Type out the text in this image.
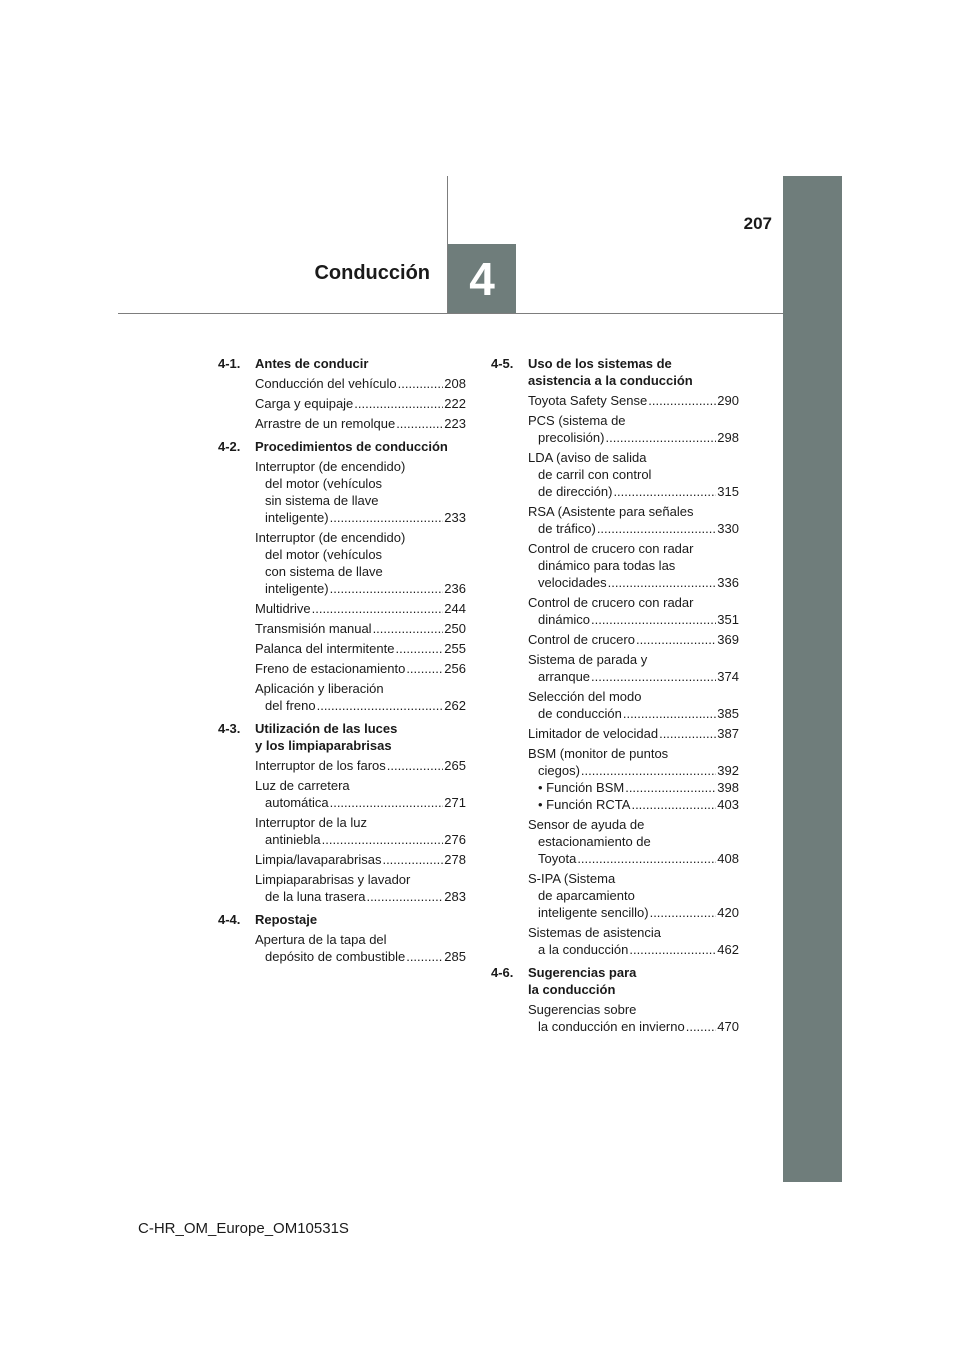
4
Conducción
207
4-1. Antes de conducir
Conducción del vehículo .....	208
Carga y equipaje .....	222
Arrastre de un remolque .....	223
4-2. Procedimientos de conducción
Interruptor (de encendido)
del motor (vehículos
sin sistema de llave
inteligente) .....	233
Interruptor (de encendido)
del motor (vehículos
con sistema de llave
inteligente) .....	236
Multidrive .....	244
Transmisión manual .....	250
Palanca del intermitente .....	255
Freno de estacionamiento .....	256
Aplicación y liberación
del freno .....	262
4-3. Utilización de las luces
y los limpiaparabrisas
Interruptor de los faros .....	265
Luz de carretera
automática .....	271
Interruptor de la luz
antiniebla .....	276
Limpia/lavaparabrisas .....	278
Limpiaparabrisas y lavador
de la luna trasera .....	283
4-4. Repostaje
Apertura de la tapa del
depósito de combustible .....	285
4-5. Uso de los sistemas de
asistencia a la conducción
Toyota Safety Sense .....	290
PCS (sistema de
precolisión) .....	298
LDA (aviso de salida
de carril con control
de dirección) .....	315
RSA (Asistente para señales
de tráfico) .....	330
Control de crucero con radar
dinámico para todas las
velocidades .....	336
Control de crucero con radar
dinámico .....	351
Control de crucero .....	369
Sistema de parada y
arranque .....	374
Selección del modo
de conducción .....	385
Limitador de velocidad .....	387
BSM (monitor de puntos
ciegos) .....	392
• Función BSM .....	398
• Función RCTA .....	403
Sensor de ayuda de
estacionamiento de
Toyota .....	408
S-IPA (Sistema
de aparcamiento
inteligente sencillo) .....	420
Sistemas de asistencia
a la conducción .....	462
4-6. Sugerencias para
la conducción
Sugerencias sobre
la conducción en invierno .....	470
C-HR_OM_Europe_OM10531S
